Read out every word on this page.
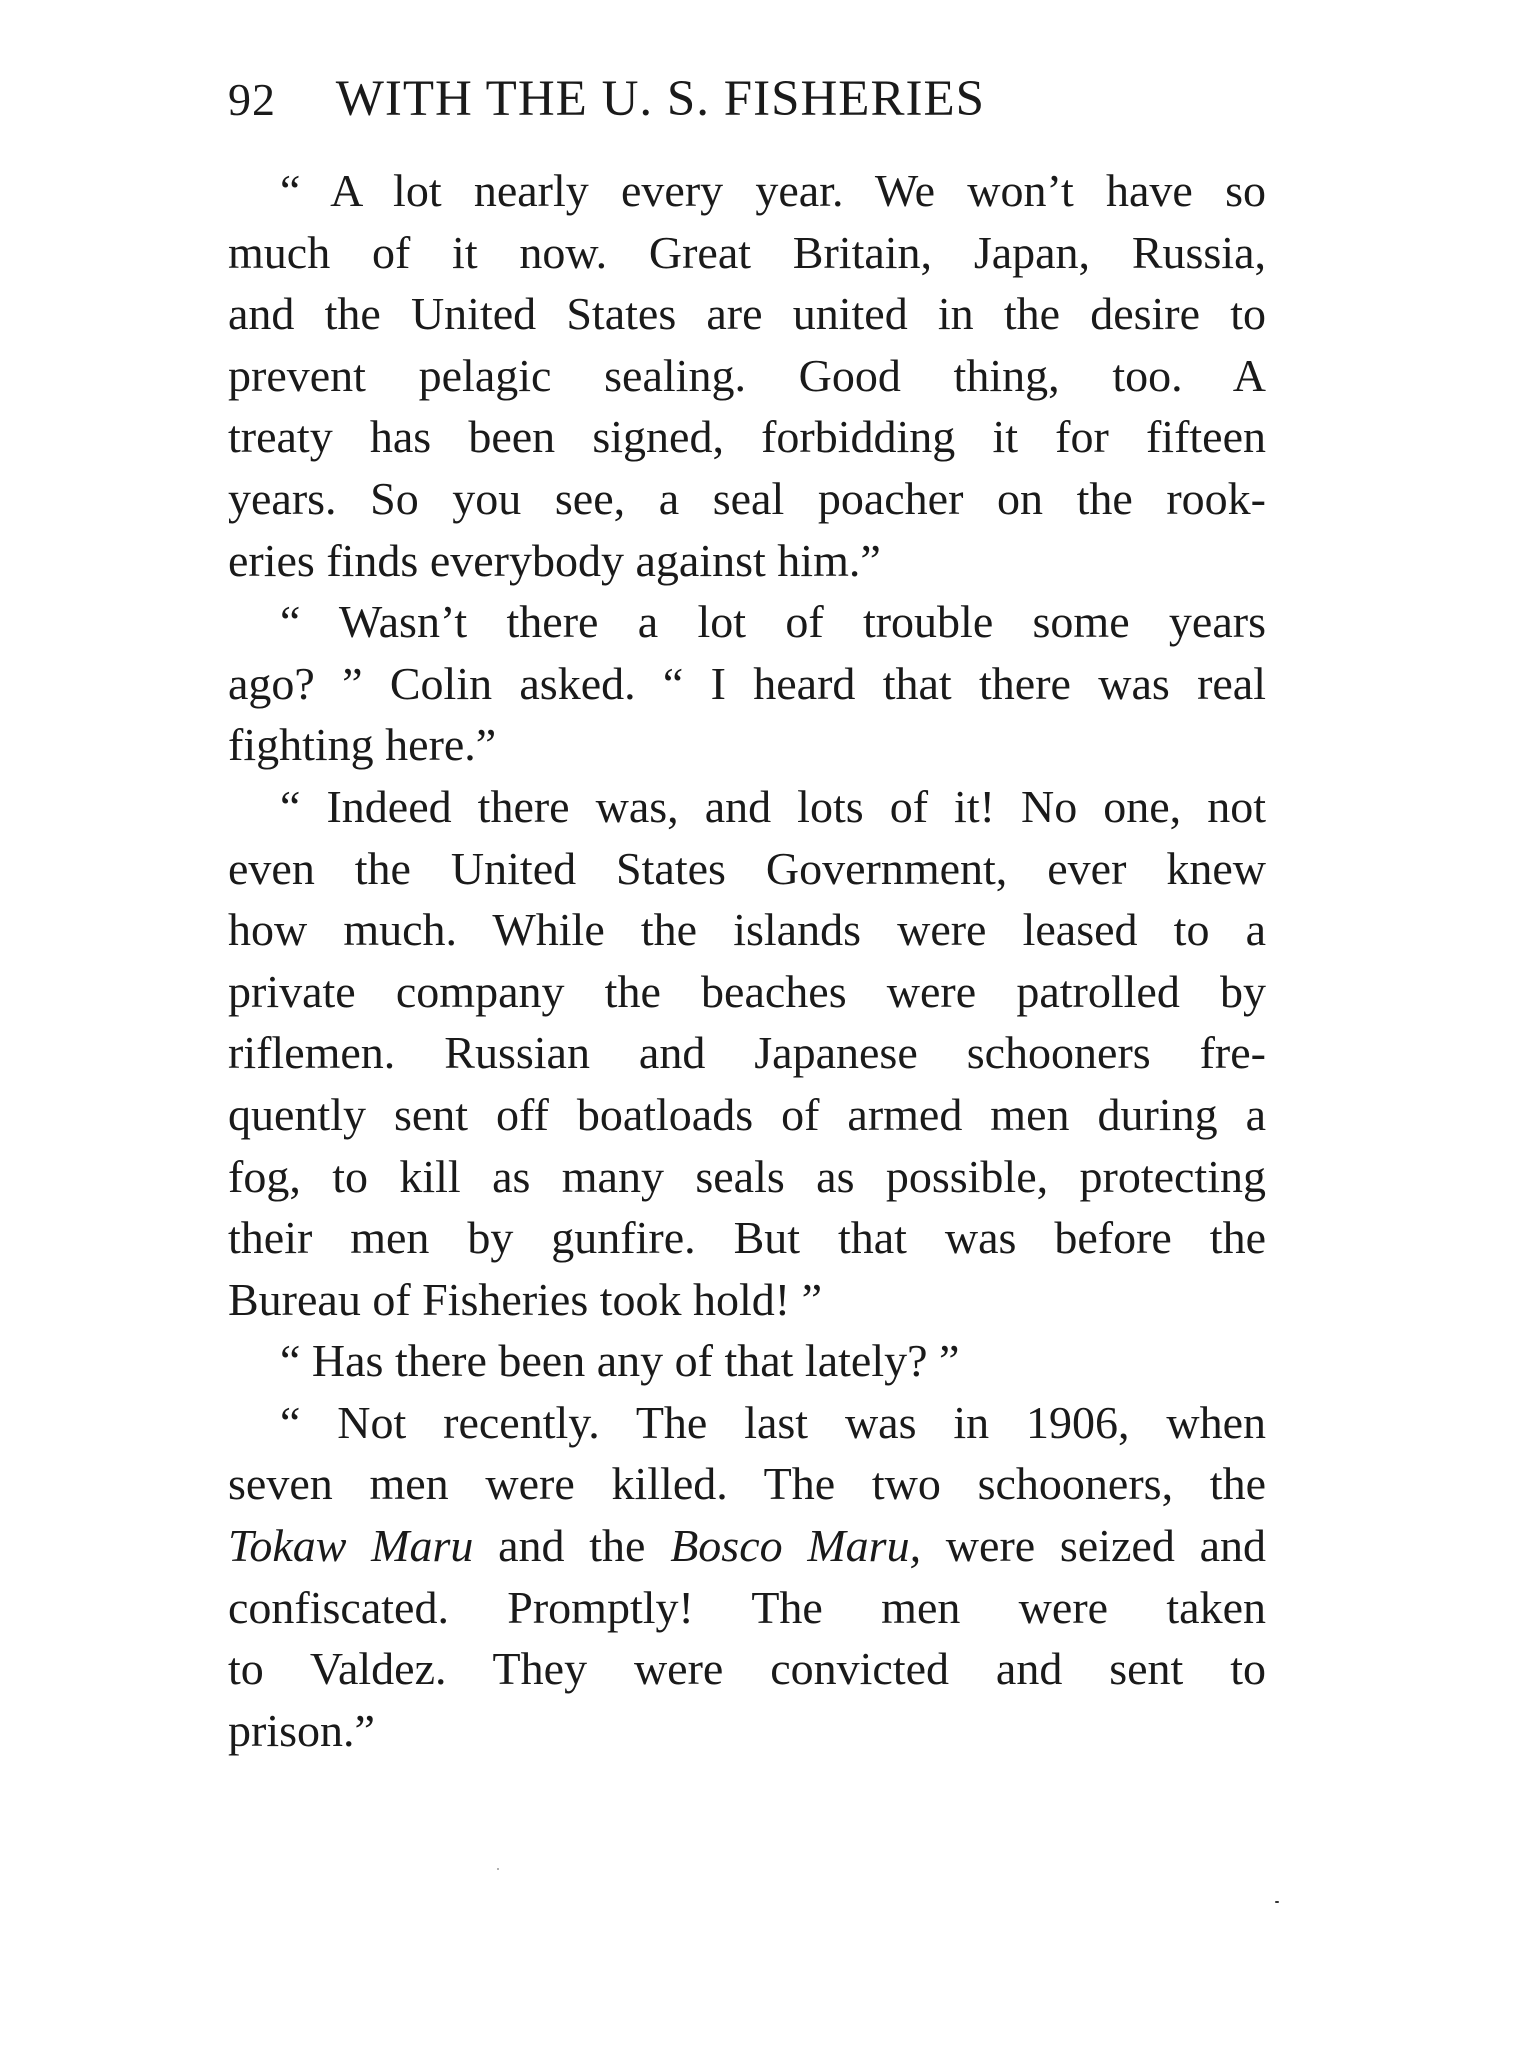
92 WITH THE U. S. FISHERIES
“ A lot nearly every year. We won’t have so
much of it now. Great Britain, Japan, Russia,
and the United States are united in the desire to
prevent pelagic sealing. Good thing, too. A
treaty has been signed, forbidding it for fifteen
years. So you see, a seal poacher on the rook-
eries finds everybody against him.”
“ Wasn’t there a lot of trouble some years
ago? ” Colin asked. “ I heard that there was real
fighting here.”
“ Indeed there was, and lots of it! No one, not
even the United States Government, ever knew
how much. While the islands were leased to a
private company the beaches were patrolled by
riflemen. Russian and Japanese schooners fre-
quently sent off boatloads of armed men during a
fog, to kill as many seals as possible, protecting
their men by gunfire. But that was before the
Bureau of Fisheries took hold! ”
“ Has there been any of that lately? ”
“ Not recently. The last was in 1906, when
seven men were killed. The two schooners, the
Tokaw Maru and the Bosco Maru, were seized and
confiscated. Promptly! The men were taken
to Valdez. They were convicted and sent to
prison.”
